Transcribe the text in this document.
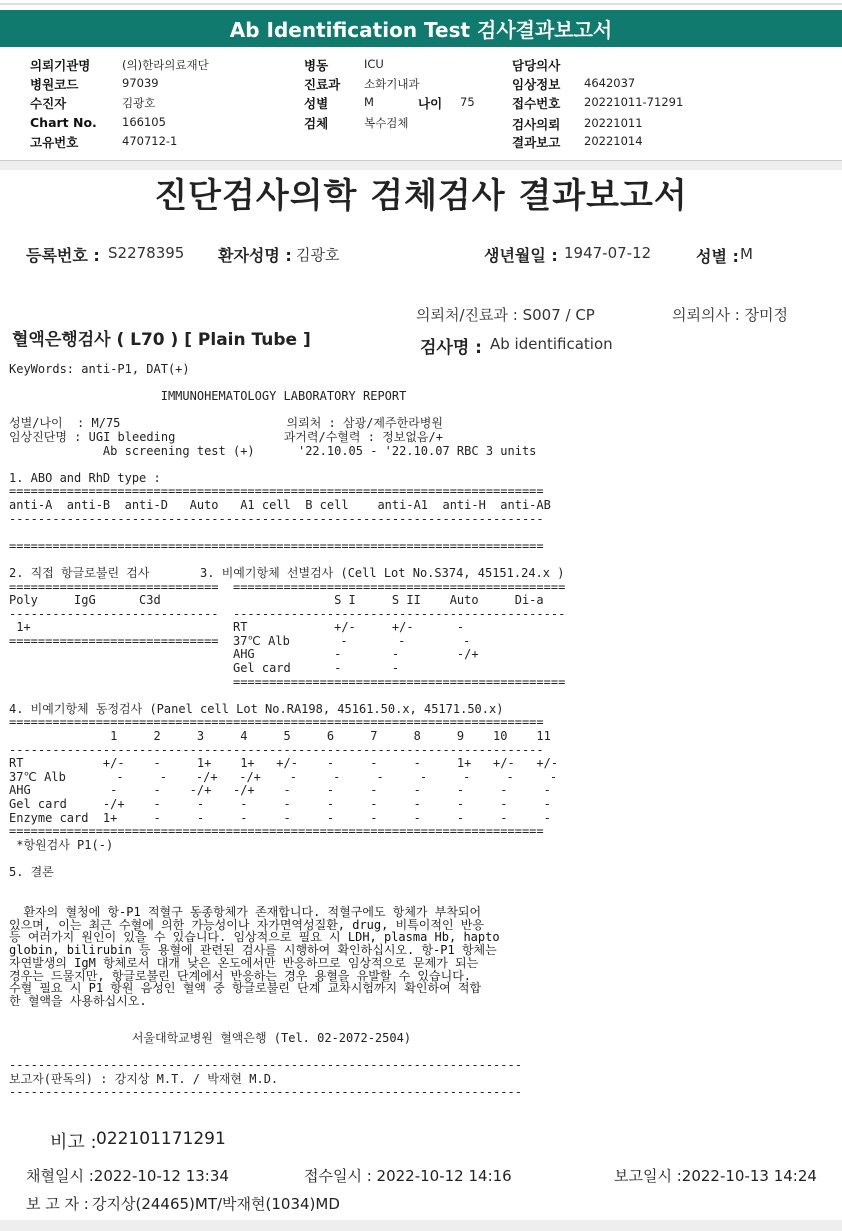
Ab Identification Test 검사결과보고서
의뢰기관명	(의)한라의료재단
병원코드	97039
수진자	김광호
Chart No. 166105
고유번호	470712-1
병동	ICU
진료과 소화기내과
성별	M	나이 75
검체	복수검체
담당의사
임상정보 4642037
접수번호 20221011-71291
검사의뢰 20221011
결과보고 20221014
진단검사의학 검체검사 결과보고서
등록번호 : S2278395 환자성명 : 김광호	생년월일 : 1947-07-12	성별 : M
의뢰처/진료과 : S007 / CP	의뢰의사 : 장미정
혈액은행검사 ( L70 ) [ Plain Tube ]	검사명 : Ab identification
KeyWords: anti-P1, DAT(+)

IMMUNOHEMATOLOGY LABORATORY REPORT

성별/나이  : M/75                       의뢰처 : 삼광/제주한라병원
임상진단명 : UGI bleeding               과거력/수혈력 : 정보없음/+
Ab screening test (+)      '22.10.05 - '22.10.07 RBC 3 units

1. ABO and RhD type :
==========================================================================
anti-A  anti-B  anti-D   Auto   A1 cell  B cell    anti-A1  anti-H  anti-AB
--------------------------------------------------------------------------

==========================================================================

2. 직접 항글로불린 검사       3. 비예기항체 선별검사 (Cell Lot No.S374, 45151.24.x )
=============================  ==============================================
Poly     IgG      C3d                        S I     S II    Auto     Di-a
-----------------------------  ----------------------------------------------
1+                            RT            +/-     +/-      -
=============================  37℃ Alb       -       -        -
AHG           -       -        -/+
Gel card      -       -
==============================================

4. 비예기항체 동정검사 (Panel cell Lot No.RA198, 45161.50.x, 45171.50.x)
==========================================================================
1     2     3     4     5     6     7     8     9    10    11
--------------------------------------------------------------------------
RT           +/-    -     1+    1+   +/-    -     -     -     1+   +/-   +/-
37℃ Alb       -     -    -/+   -/+    -     -     -     -     -     -     -
AHG           -     -    -/+   -/+    -     -     -     -     -     -     -
Gel card     -/+    -     -     -     -     -     -     -     -     -     -
Enzyme card  1+     -     -     -     -     -     -     -     -     -     -
==========================================================================
*항원검사 P1(-)

5. 결론
환자의 혈청에 항-P1 적혈구 동종항체가 존재합니다. 적혈구에도 항체가 부착되어
있으며, 이는 최근 수혈에 의한 가능성이나 자가면역성질환, drug, 비특이적인 반응
등 여러가지 원인이 있을 수 있습니다. 임상적으로 필요 시 LDH, plasma Hb, hapto
globin, bilirubin 등 용혈에 관련된 검사를 시행하여 확인하십시오. 항-P1 항체는
자연발생의 IgM 항체로서 대개 낮은 온도에서만 반응하므로 임상적으로 문제가 되는
경우는 드물지만, 항글로불린 단계에서 반응하는 경우 용혈을 유발할 수 있습니다.
수혈 필요 시 P1 항원 음성인 혈액 중 항글로불린 단계 교차시험까지 확인하여 적합
한 혈액을 사용하십시오.
서울대학교병원 혈액은행 (Tel. 02-2072-2504)

-----------------------------------------------------------------------
보고자(판독의) : 강지상 M.T. / 박재현 M.D.
-----------------------------------------------------------------------
비고 : 022101171291
채혈일시 :2022-10-12 13:34	접수일시 : 2022-10-12 14:16	보고일시 :2022-10-13 14:24
보 고 자 : 강지상(24465)MT/박재현(1034)MD
